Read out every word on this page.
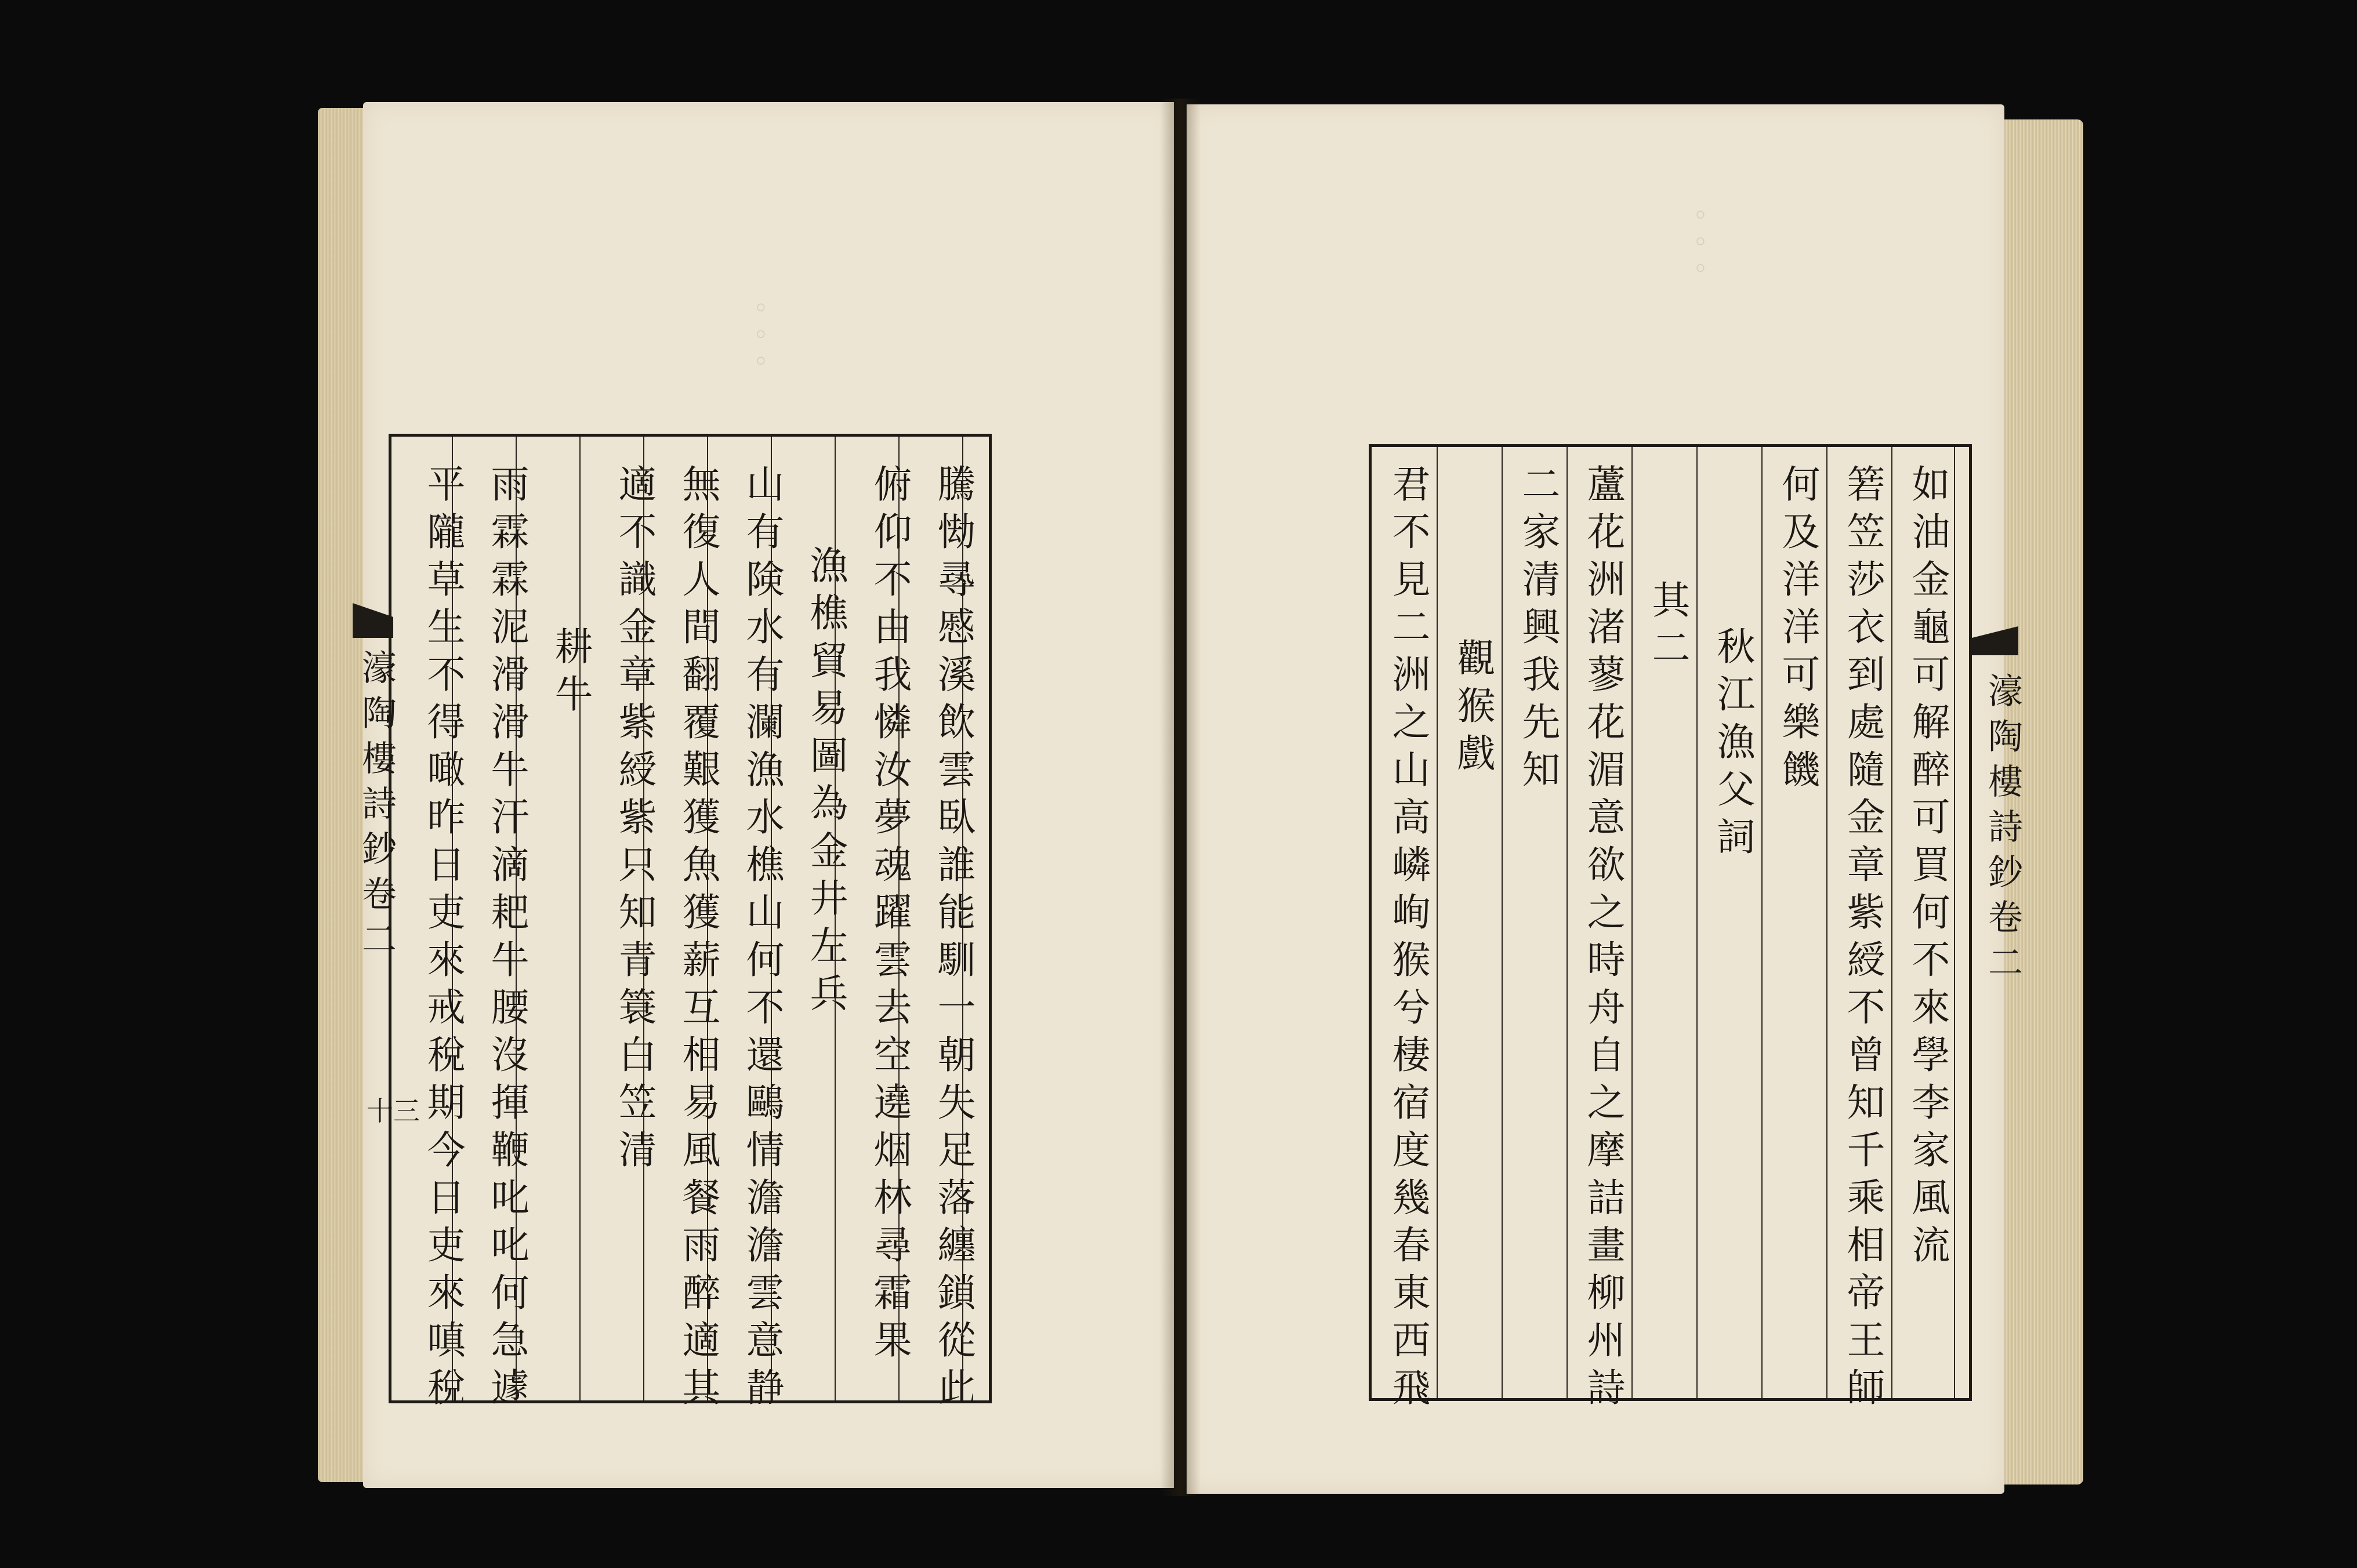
。。。
。。。
騰㤼㝷慼溪飲雲臥誰能馴一朝失足落纏鎖從此
俯仰不由我憐汝夢魂躍雲去空遶烟林尋霜果
漁樵貿易圖為金井左兵
山有険水有瀾漁水樵山何不還鷗情澹澹雲意静
無復人間翻覆艱獲魚獲薪互相易風餐雨醉適其
適不識金章紫綬紫只知青簑白笠清
耕牛
雨霖霖泥滑滑牛汗滴耙牛腰沒揮鞭叱叱何急遽
平隴草生不得噉昨日吏來戒稅期今日吏來嗔稅
濠陶樓詩鈔卷二
十三	如油金龜可解醉可買何不來學李家風流
箬笠莎衣到處隨金章紫綬不曾知千乘相帝王師
何及洋洋可樂饑
秋江漁父詞
其二
蘆花洲渚蓼花湄意欲之時舟自之摩詰畫柳州詩
二家清興我先知
觀猴戲
君不見二洲之山高嶙峋猴兮棲宿度幾春東西飛	濠陶樓詩鈔卷二
